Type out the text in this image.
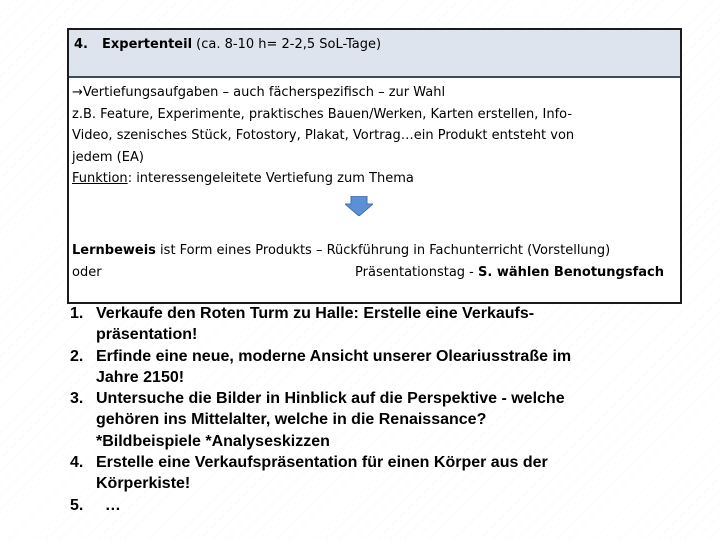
4. Expertenteil (ca. 8-10 h= 2-2,5 SoL-Tage)
→Vertiefungsaufgaben – auch fächerspezifisch – zur Wahl
z.B. Feature, Experimente, praktisches Bauen/Werken, Karten erstellen, Info-
Video, szenisches Stück, Fotostory, Plakat, Vortrag…ein Produkt entsteht von
jedem (EA)
Funktion: interessengeleitete Vertiefung zum Thema
Lernbeweis ist Form eines Produkts – Rückführung in Fachunterricht (Vorstellung)
oder	Präsentationstag - S. wählen Benotungsfach
1. Verkaufe den Roten Turm zu Halle: Erstelle eine Verkaufs-
präsentation!
2. Erfinde eine neue, moderne Ansicht unserer Oleariusstraße im
Jahre 2150!
3. Untersuche die Bilder in Hinblick auf die Perspektive - welche
gehören ins Mittelalter, welche in die Renaissance?
*Bildbeispiele *Analyseskizzen
4. Erstelle eine Verkaufspräsentation für einen Körper aus der
Körperkiste!
5. …
